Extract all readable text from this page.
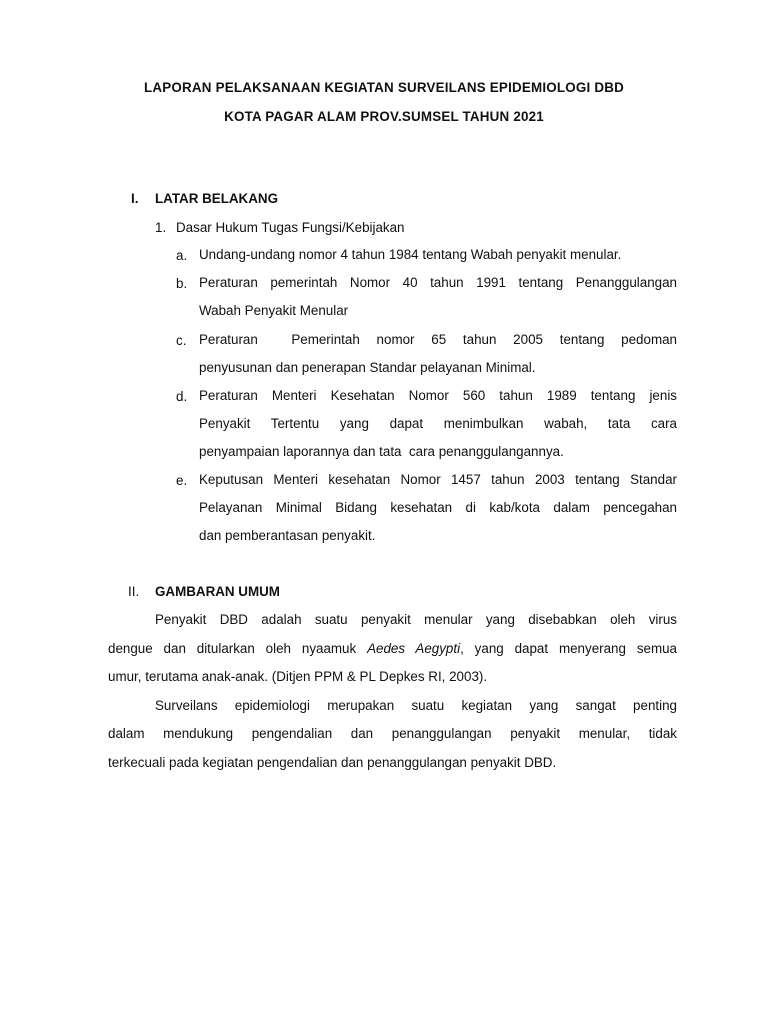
LAPORAN PELAKSANAAN KEGIATAN SURVEILANS EPIDEMIOLOGI DBD
KOTA PAGAR ALAM PROV.SUMSEL TAHUN 2021
I. LATAR BELAKANG
1. Dasar Hukum Tugas Fungsi/Kebijakan
a. Undang-undang nomor 4 tahun 1984 tentang Wabah penyakit menular.
b. Peraturan pemerintah Nomor 40 tahun 1991 tentang Penanggulangan
Wabah Penyakit Menular
c. Peraturan  Pemerintah nomor 65 tahun 2005 tentang pedoman
penyusunan dan penerapan Standar pelayanan Minimal.
d. Peraturan Menteri Kesehatan Nomor 560 tahun 1989 tentang jenis
Penyakit Tertentu yang dapat menimbulkan wabah, tata cara
penyampaian laporannya dan tata  cara penanggulangannya.
e. Keputusan Menteri kesehatan Nomor 1457 tahun 2003 tentang Standar
Pelayanan Minimal Bidang kesehatan di kab/kota dalam pencegahan
dan pemberantasan penyakit.
II. GAMBARAN UMUM
Penyakit DBD adalah suatu penyakit menular yang disebabkan oleh virus
dengue dan ditularkan oleh nyaamuk Aedes Aegypti, yang dapat menyerang semua
umur, terutama anak-anak. (Ditjen PPM & PL Depkes RI, 2003).
Surveilans epidemiologi merupakan suatu kegiatan yang sangat penting
dalam mendukung pengendalian dan penanggulangan penyakit menular, tidak
terkecuali pada kegiatan pengendalian dan penanggulangan penyakit DBD.
